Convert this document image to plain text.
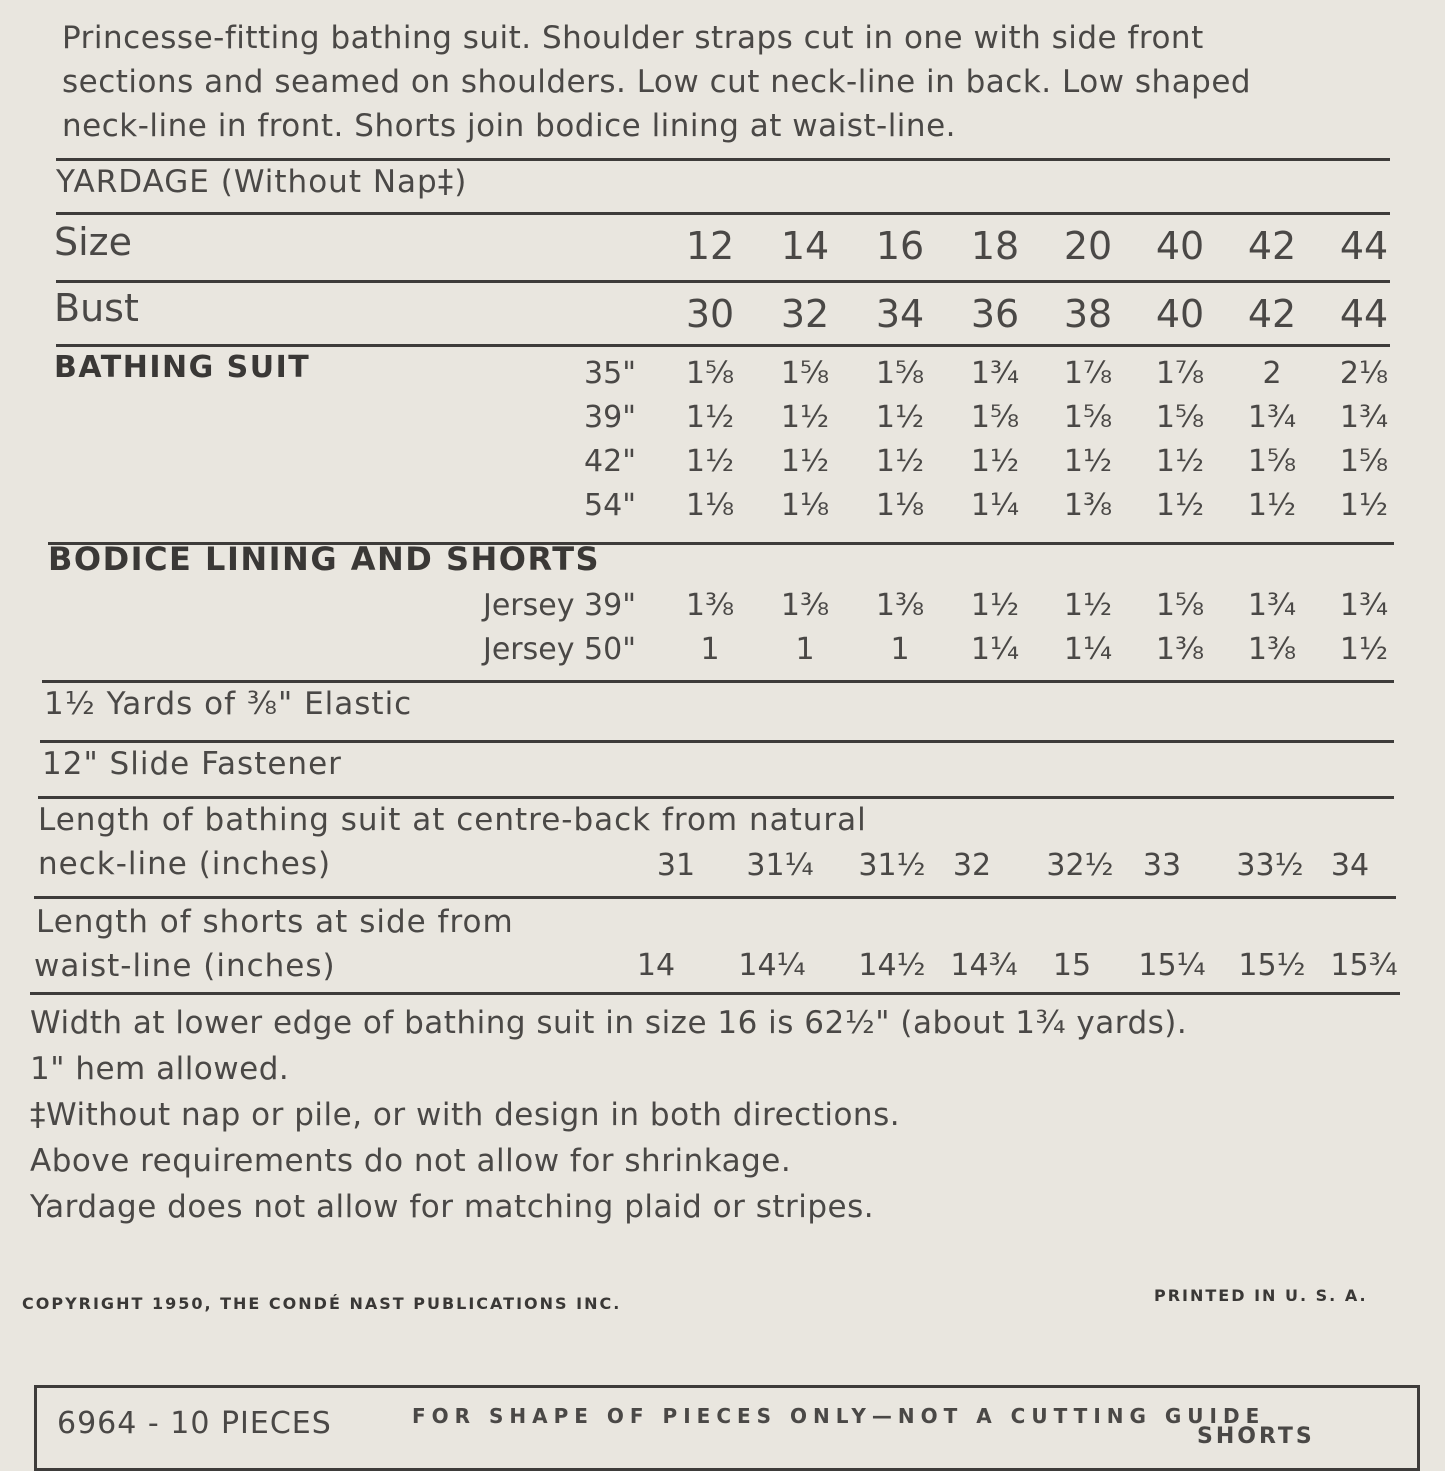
Princesse-fitting bathing suit. Shoulder straps cut in one with side front
sections and seamed on shoulders. Low cut neck-line in back. Low shaped
neck-line in front. Shorts join bodice lining at waist-line.
YARDAGE (Without Nap‡)
Size	12	14	16	18	20	40	42	44
Bust	30	32	34	36	38	40	42	44
BATHING SUIT	35"	1⅝	1⅝	1⅝	1¾	1⅞	1⅞	2	2⅛
39"	1½	1½	1½	1⅝	1⅝	1⅝	1¾	1¾
42"	1½	1½	1½	1½	1½	1½	1⅝	1⅝
54"	1⅛	1⅛	1⅛	1¼	1⅜	1½	1½	1½
BODICE LINING AND SHORTS
Jersey 39"	1⅜	1⅜	1⅜	1½	1½	1⅝	1¾	1¾
Jersey 50"	1	1	1	1¼	1¼	1⅜	1⅜	1½
1½ Yards of ⅜" Elastic
12" Slide Fastener
Length of bathing suit at centre-back from natural
neck-line (inches)	31	31¼	31½ 32	32½ 33	33½ 34
Length of shorts at side from
waist-line (inches)	14	14¼	14½ 14¾	15	15¼	15½ 15¾
Width at lower edge of bathing suit in size 16 is 62½" (about 1¾ yards).
1" hem allowed.
‡Without nap or pile, or with design in both directions.
Above requirements do not allow for shrinkage.
Yardage does not allow for matching plaid or stripes.
COPYRIGHT 1950, THE CONDÉ NAST PUBLICATIONS INC.	PRINTED IN U. S. A.
6964 - 10 PIECES	FOR SHAPE OF PIECES ONLY—NOT A CUTTING GUIDE
SHORTS
